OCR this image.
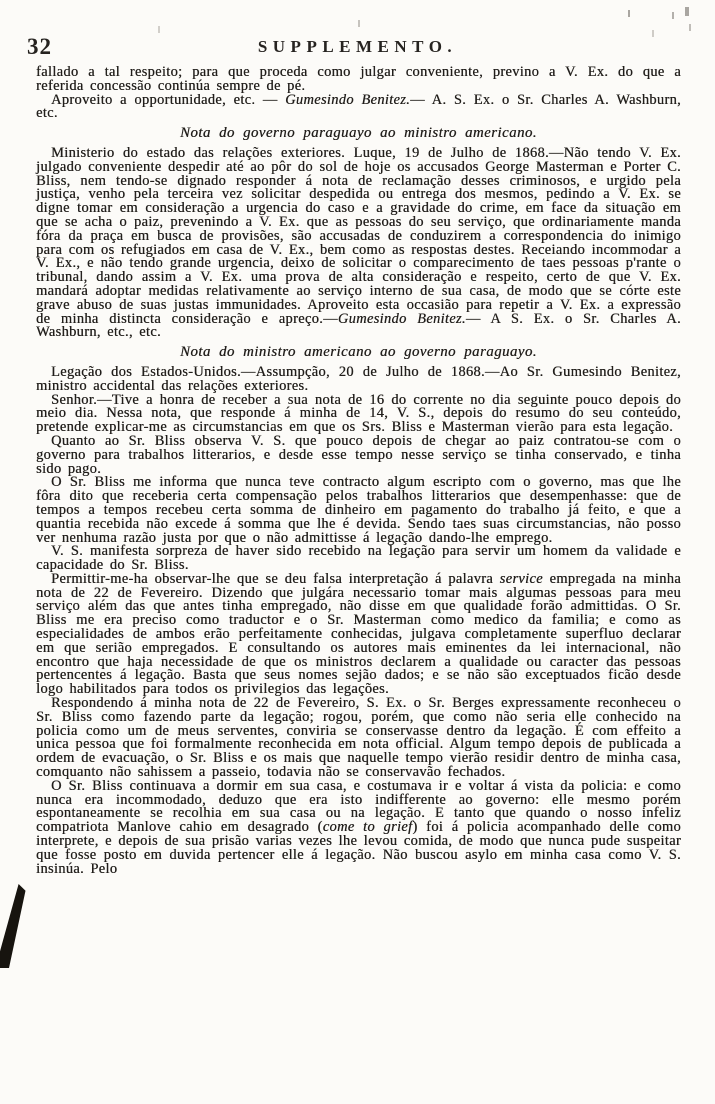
32	SUPPLEMENTO.

fallado a tal respeito; para que proceda como julgar conveniente, previno a V. Ex. do que a referida concessão continúa sempre de pé.

Aproveito a opportunidade, etc. — Gumesindo Benitez.— A. S. Ex. o Sr. Charles A. Washburn, etc.

Nota do governo paraguayo ao ministro americano.

Ministerio do estado das relações exteriores. Luque, 19 de Julho de 1868.—Não tendo V. Ex. julgado conveniente despedir até ao pôr do sol de hoje os accusados George Masterman e Porter C. Bliss, nem tendo-se dignado responder á nota de reclamação desses criminosos, e urgido pela justiça, venho pela terceira vez solicitar despedida ou entrega dos mesmos, pedindo a V. Ex. se digne tomar em consideração a urgencia do caso e a gravidade do crime, em face da situação em que se acha o paiz, prevenindo a V. Ex. que as pessoas do seu serviço, que ordinariamente manda fóra da praça em busca de provisões, são accusadas de conduzirem a correspondencia do inimigo para com os refugiados em casa de V. Ex., bem como as respostas destes. Receiando incommodar a V. Ex., e não tendo grande urgencia, deixo de solicitar o comparecimento de taes pessoas p'rante o tribunal, dando assim a V. Ex. uma prova de alta consideração e respeito, certo de que V. Ex. mandará adoptar medidas relativamente ao serviço interno de sua casa, de modo que se córte este grave abuso de suas justas immunidades. Aproveito esta occasião para repetir a V. Ex. a expressão de minha distincta consideração e apreço.—Gumesindo Benitez.— A S. Ex. o Sr. Charles A. Washburn, etc., etc.

Nota do ministro americano ao governo paraguayo.

Legação dos Estados-Unidos.—Assumpção, 20 de Julho de 1868.—Ao Sr. Gumesindo Benitez, ministro accidental das relações exteriores.

Senhor.—Tive a honra de receber a sua nota de 16 do corrente no dia seguinte pouco depois do meio dia. Nessa nota, que responde á minha de 14, V. S., depois do resumo do seu conteúdo, pretende explicar-me as circumstancias em que os Srs. Bliss e Masterman vierão para esta legação.

Quanto ao Sr. Bliss observa V. S. que pouco depois de chegar ao paiz contratou-se com o governo para trabalhos litterarios, e desde esse tempo nesse serviço se tinha conservado, e tinha sido pago.

O Sr. Bliss me informa que nunca teve contracto algum escripto com o governo, mas que lhe fôra dito que receberia certa compensação pelos trabalhos litterarios que desempenhasse: que de tempos a tempos recebeu certa somma de dinheiro em pagamento do trabalho já feito, e que a quantia recebida não excede á somma que lhe é devida. Sendo taes suas circumstancias, não posso ver nenhuma razão justa por que o não admittisse á legação dando-lhe emprego.

V. S. manifesta sorpreza de haver sido recebido na legação para servir um homem da validade e capacidade do Sr. Bliss.

Permittir-me-ha observar-lhe que se deu falsa interpretação á palavra service empregada na minha nota de 22 de Fevereiro. Dizendo que julgára necessario tomar mais algumas pessoas para meu serviço além das que antes tinha empregado, não disse em que qualidade forão admittidas. O Sr. Bliss me era preciso como traductor e o Sr. Masterman como medico da familia; e como as especialidades de ambos erão perfeitamente conhecidas, julgava completamente superfluo declarar em que serião empregados. E consultando os autores mais eminentes da lei internacional, não encontro que haja necessidade de que os ministros declarem a qualidade ou caracter das pessoas pertencentes á legação. Basta que seus nomes sejão dados; e se não são exceptuados ficão desde logo habilitados para todos os privilegios das legações.

Respondendo á minha nota de 22 de Fevereiro, S. Ex. o Sr. Berges expressamente reconheceu o Sr. Bliss como fazendo parte da legação; rogou, porém, que como não seria elle conhecido na policia como um de meus serventes, conviria se conservasse dentro da legação. É com effeito a unica pessoa que foi formalmente reconhecida em nota official. Algum tempo depois de publicada a ordem de evacuação, o Sr. Bliss e os mais que naquelle tempo vierão residir dentro de minha casa, comquanto não sahissem a passeio, todavia não se conservavão fechados.

O Sr. Bliss continuava a dormir em sua casa, e costumava ir e voltar á vista da policia: e como nunca era incommodado, deduzo que era isto indifferente ao governo: elle mesmo porém espontaneamente se recolhia em sua casa ou na legação. E tanto que quando o nosso infeliz compatriota Manlove cahio em desagrado (come to grief) foi á policia acompanhado delle como interprete, e depois de sua prisão varias vezes lhe levou comida, de modo que nunca pude suspeitar que fosse posto em duvida pertencer elle á legação. Não buscou asylo em minha casa como V. S. insinúa. Pelo
